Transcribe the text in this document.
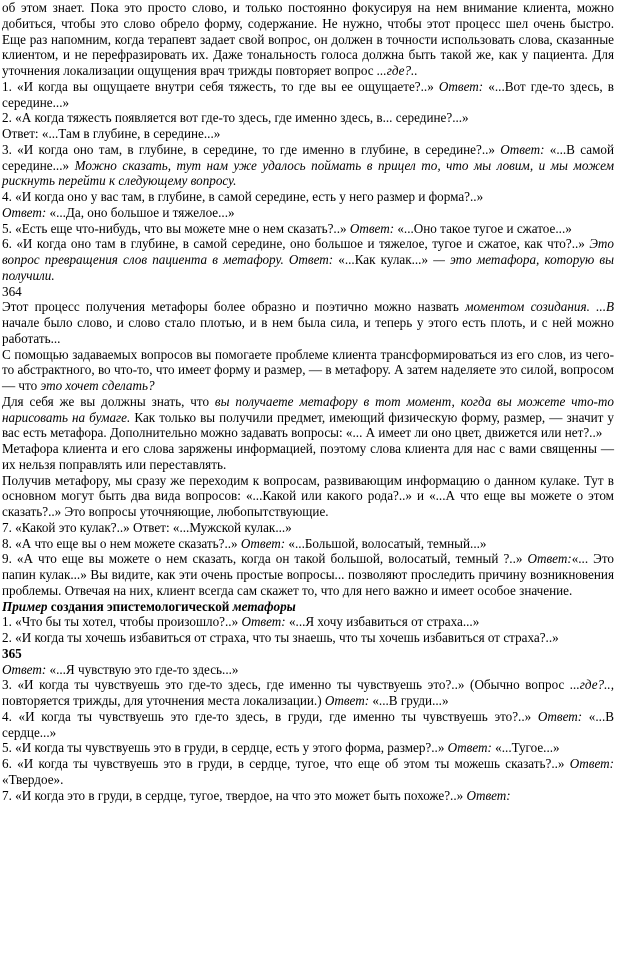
об этом знает. Пока это просто слово, и только постоянно фокусируя на нем внимание клиента, можно добиться, чтобы это слово обрело форму, содержание. Не нужно, чтобы этот процесс шел очень быстро. Еще раз напомним, когда терапевт задает свой вопрос, он должен в точности использовать слова, сказанные клиентом, и не перефразировать их. Даже тональность голоса должна быть такой же, как у пациента. Для уточнения локализации ощущения врач трижды повторяет вопрос ...где?..

1. «И когда вы ощущаете внутри себя тяжесть, то где вы ее ощущаете?..» Ответ: «...Вот где-то здесь, в середине...»

2. «А когда тяжесть появляется вот где-то здесь, где именно здесь, в... середине?...»

Ответ: «...Там в глубине, в середине...»

3. «И когда оно там, в глубине, в середине, то где именно в глубине, в середине?..» Ответ: «...В самой середине...» Можно сказать, тут нам уже удалось поймать в прицел то, что мы ловим, и мы можем рискнуть перейти к следующему вопросу.

4. «И когда оно у вас там, в глубине, в самой середине, есть у него размер и форма?..»

Ответ: «...Да, оно большое и тяжелое...»

5. «Есть еще что-нибудь, что вы можете мне о нем сказать?..» Ответ: «...Оно такое тугое и сжатое...»

6. «И когда оно там в глубине, в самой середине, оно большое и тяжелое, тугое и сжатое, как что?..» Это вопрос превращения слов пациента в метафору. Ответ: «...Как кулак...» — это метафора, которую вы получили.

364

Этот процесс получения метафоры более образно и поэтично можно назвать моментом созидания. ...В начале было слово, и слово стало плотью, и в нем была сила, и теперь у этого есть плоть, и с ней можно работать...

С помощью задаваемых вопросов вы помогаете проблеме клиента трансформироваться из его слов, из чего-то абстрактного, во что-то, что имеет форму и размер, — в метафору. А затем наделяете это силой, вопросом — что это хочет сделать?

Для себя же вы должны знать, что вы получаете метафору в тот момент, когда вы можете что-то нарисовать на бумаге. Как только вы получили предмет, имеющий физическую форму, размер, — значит у вас есть метафора. Дополнительно можно задавать вопросы: «... А имеет ли оно цвет, движется или нет?..»

Метафора клиента и его слова заряжены информацией, поэтому слова клиента для нас с вами священны — их нельзя поправлять или переставлять.

Получив метафору, мы сразу же переходим к вопросам, развивающим информацию о данном кулаке. Тут в основном могут быть два вида вопросов: «...Какой или какого рода?..» и «...А что еще вы можете о этом сказать?..» Это вопросы уточняющие, любопытствующие.

7. «Какой это кулак?..» Ответ: «...Мужской кулак...»

8. «А что еще вы о нем можете сказать?..» Ответ: «...Большой, волосатый, темный...»

9. «А что еще вы можете о нем сказать, когда он такой большой, волосатый, темный ?..» Ответ:«... Это папин кулак...» Вы видите, как эти очень простые вопросы... позволяют проследить причину возникновения проблемы. Отвечая на них, клиент всегда сам скажет то, что для него важно и имеет особое значение.

Пример создания эпистемологической метафоры

1. «Что бы ты хотел, чтобы произошло?..» Ответ: «...Я хочу избавиться от страха...»

2. «И когда ты хочешь избавиться от страха, что ты знаешь, что ты хочешь избавиться от страха?..»

365

Ответ: «...Я чувствую это где-то здесь...»

3. «И когда ты чувствуешь это где-то здесь, где именно ты чувствуешь это?..» (Обычно вопрос ...где?.., повторяется трижды, для уточнения места локализации.) Ответ: «...В груди...»

4. «И когда ты чувствуешь это где-то здесь, в груди, где именно ты чувствуешь это?..» Ответ: «...В сердце...»

5. «И когда ты чувствуешь это в груди, в сердце, есть у этого форма, размер?..» Ответ: «...Тугое...»

6. «И когда ты чувствуешь это в груди, в сердце, тугое, что еще об этом ты можешь сказать?..» Ответ: «Твердое».

7. «И когда это в груди, в сердце, тугое, твердое, на что это может быть похоже?..» Ответ:
